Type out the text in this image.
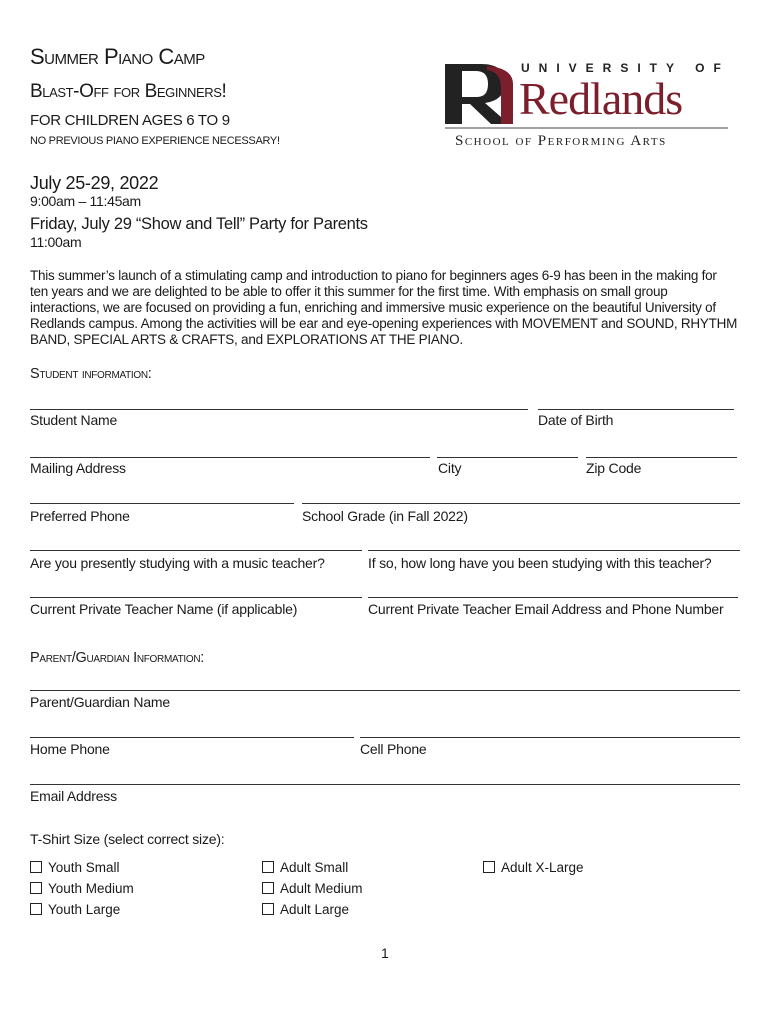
Summer Piano Camp
Blast-Off for Beginners!
FOR CHILDREN AGES 6 TO 9
NO PREVIOUS PIANO EXPERIENCE NECESSARY!
UNIVERSITY OF
Redlands
School of Performing Arts
July 25-29, 2022
9:00am – 11:45am
Friday, July 29 “Show and Tell” Party for Parents
11:00am
This summer’s launch of a stimulating camp and introduction to piano for beginners ages 6-9 has been in the making for ten years and we are delighted to be able to offer it this summer for the first time. With emphasis on small group interactions, we are focused on providing a fun, enriching and immersive music experience on the beautiful University of Redlands campus. Among the activities will be ear and eye-opening experiences with MOVEMENT and SOUND, RHYTHM BAND, SPECIAL ARTS & CRAFTS, and EXPLORATIONS AT THE PIANO.
Student information:
Student Name	Date of Birth
Mailing Address	City	Zip Code
Preferred Phone	School Grade (in Fall 2022)
Are you presently studying with a music teacher?	If so, how long have you been studying with this teacher?
Current Private Teacher Name (if applicable)	Current Private Teacher Email Address and Phone Number
Parent/Guardian Information:
Parent/Guardian Name
Home Phone	Cell Phone
Email Address
T-Shirt Size (select correct size):
Youth Small
Youth Medium
Youth Large
Adult Small
Adult Medium
Adult Large
Adult X-Large
1
